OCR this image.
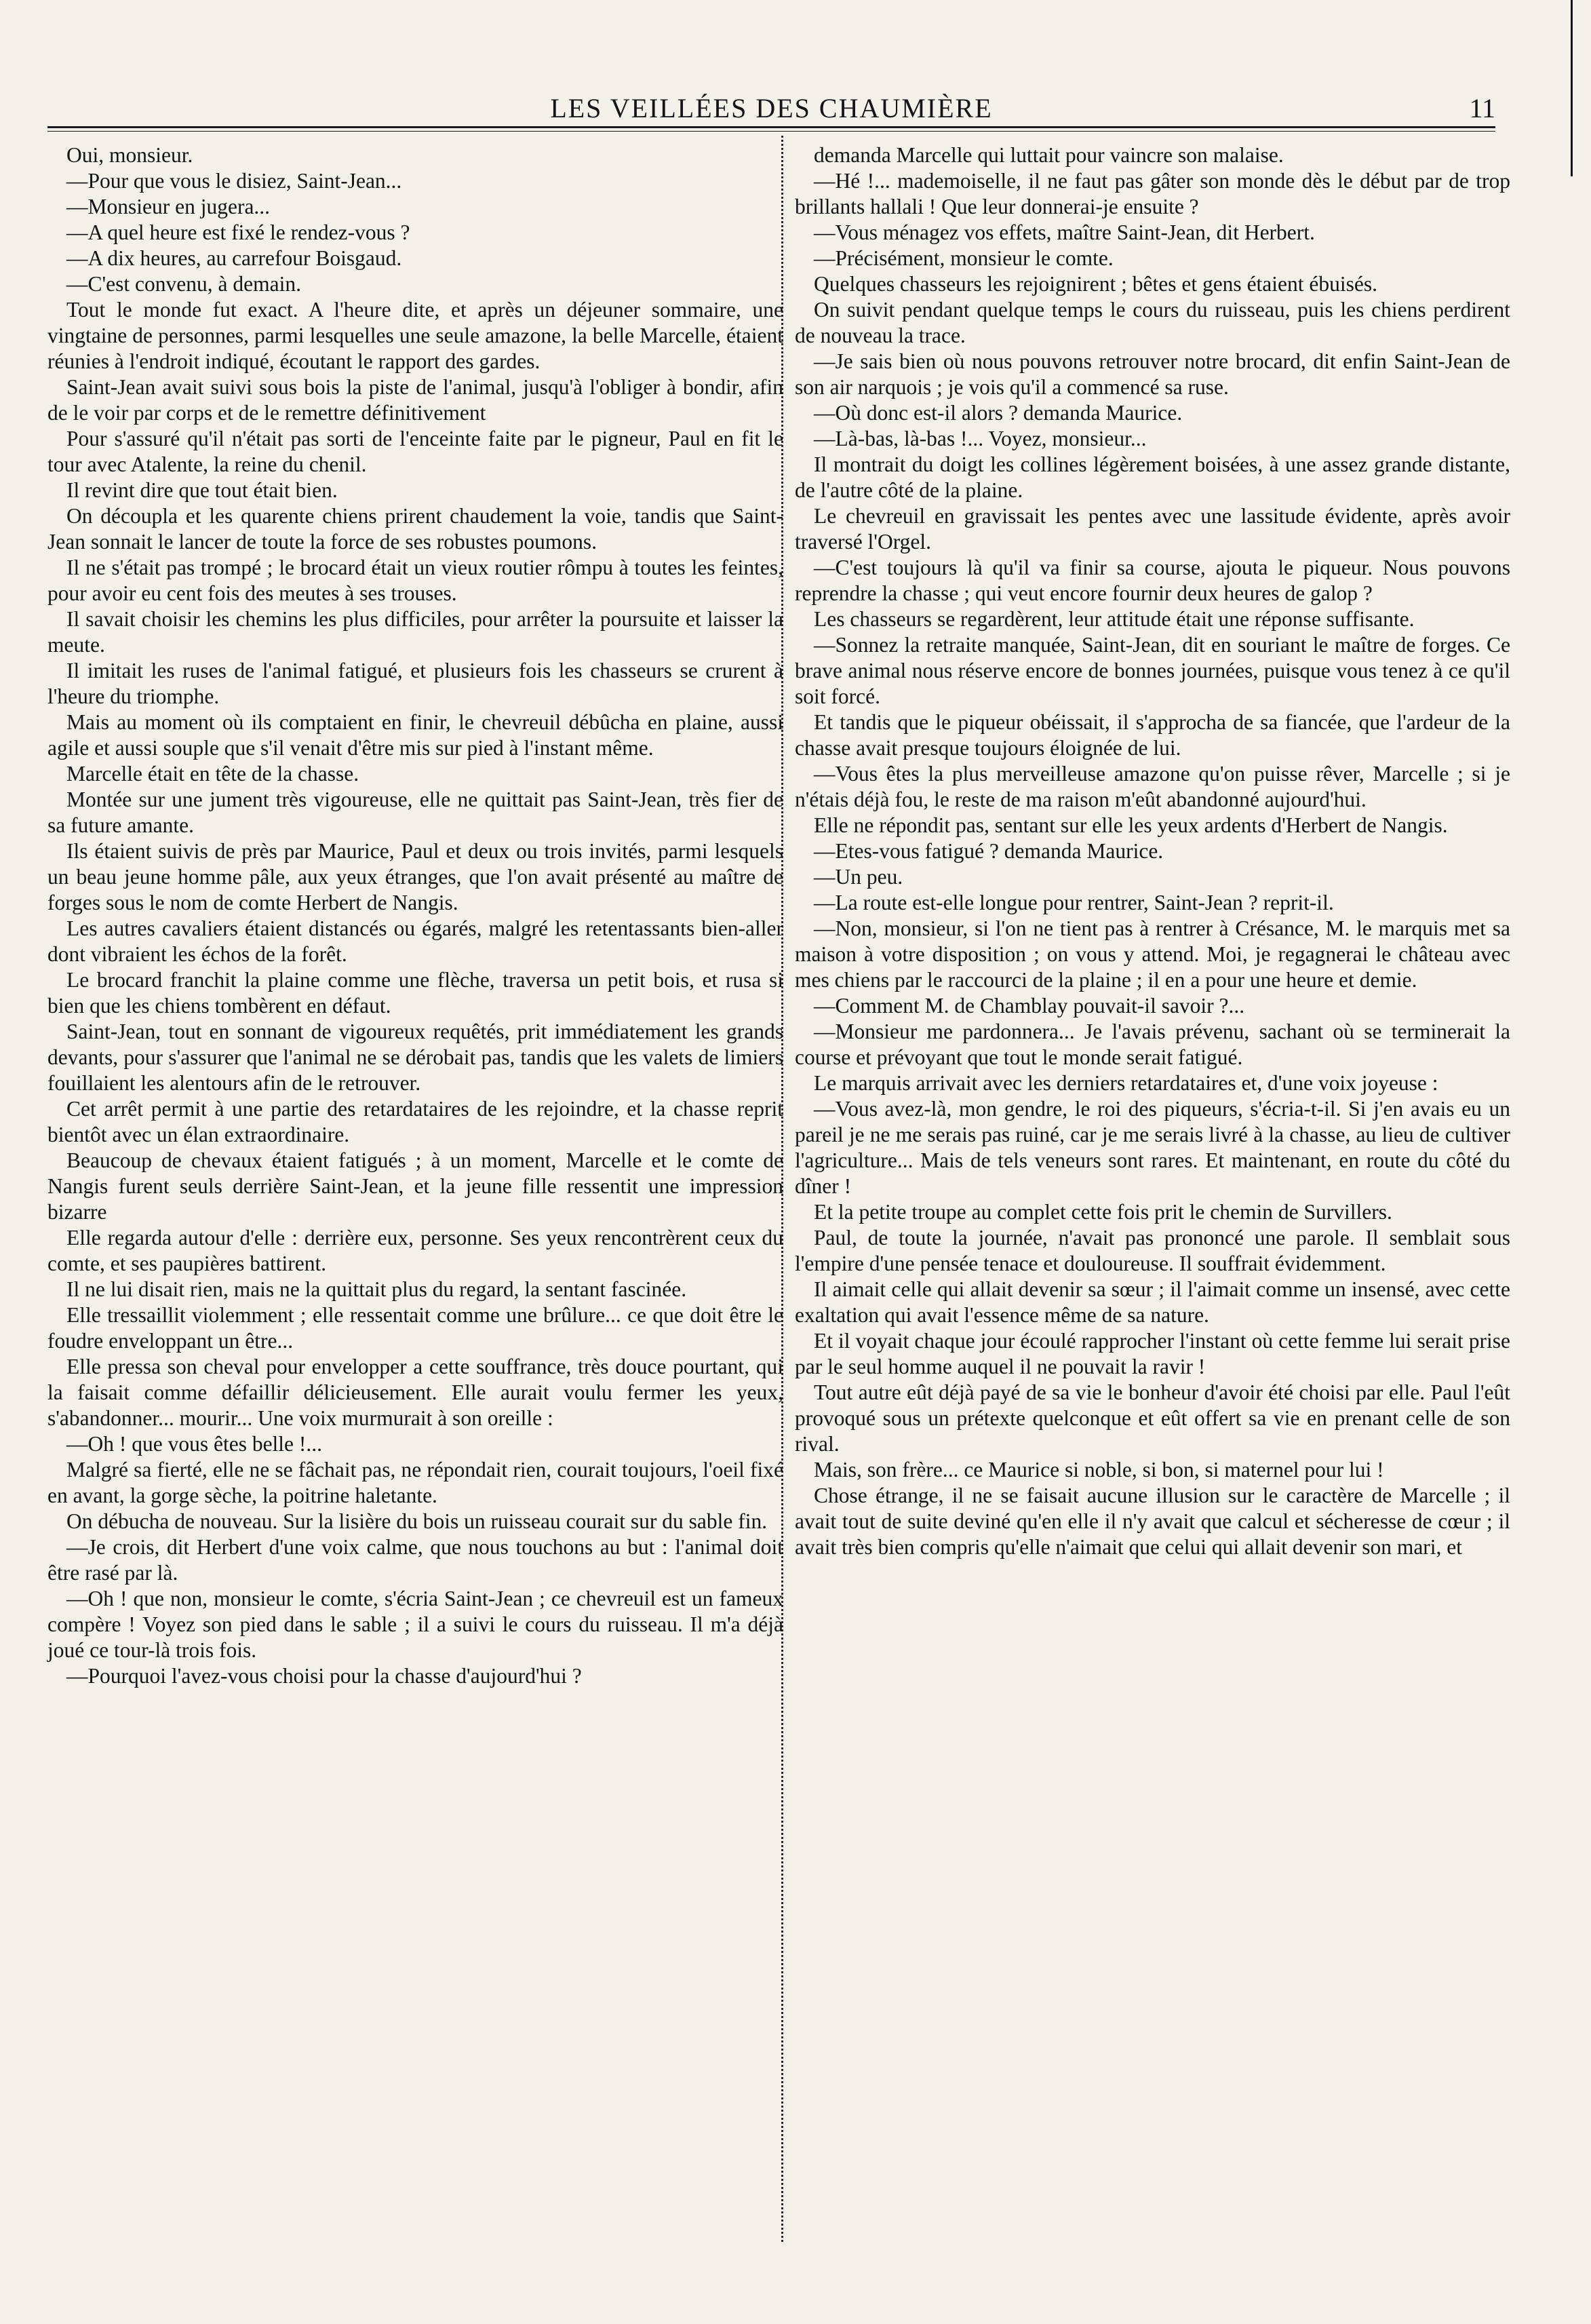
LES VEILLÉES DES CHAUMIÈRE	11

Oui, monsieur.

—Pour que vous le disiez, Saint-Jean...

—Monsieur en jugera...

—A quel heure est fixé le rendez-vous ?

—A dix heures, au carrefour Boisgaud.

—C'est convenu, à demain.

Tout le monde fut exact. A l'heure dite, et après un déjeuner sommaire, une vingtaine de personnes, parmi lesquelles une seule amazone, la belle Marcelle, étaient réunies à l'endroit indiqué, écoutant le rapport des gardes.

Saint-Jean avait suivi sous bois la piste de l'animal, jusqu'à l'obliger à bondir, afin de le voir par corps et de le remettre définitivement

Pour s'assuré qu'il n'était pas sorti de l'enceinte faite par le pigneur, Paul en fit le tour avec Atalente, la reine du chenil.

Il revint dire que tout était bien.

On découpla et les quarente chiens prirent chaudement la voie, tandis que Saint-Jean sonnait le lancer de toute la force de ses robustes poumons.

Il ne s'était pas trompé ; le brocard était un vieux routier rômpu à toutes les feintes, pour avoir eu cent fois des meutes à ses trouses.

Il savait choisir les chemins les plus difficiles, pour arrêter la poursuite et laisser la meute.

Il imitait les ruses de l'animal fatigué, et plusieurs fois les chasseurs se crurent à l'heure du triomphe.

Mais au moment où ils comptaient en finir, le chevreuil débûcha en plaine, aussi agile et aussi souple que s'il venait d'être mis sur pied à l'instant même.

Marcelle était en tête de la chasse.

Montée sur une jument très vigoureuse, elle ne quittait pas Saint-Jean, très fier de sa future amante.

Ils étaient suivis de près par Maurice, Paul et deux ou trois invités, parmi lesquels un beau jeune homme pâle, aux yeux étranges, que l'on avait présenté au maître de forges sous le nom de comte Herbert de Nangis.

Les autres cavaliers étaient distancés ou égarés, malgré les retentassants bien-aller dont vibraient les échos de la forêt.

Le brocard franchit la plaine comme une flèche, traversa un petit bois, et rusa si bien que les chiens tombèrent en défaut.

Saint-Jean, tout en sonnant de vigoureux requêtés, prit immédiatement les grands devants, pour s'assurer que l'animal ne se dérobait pas, tandis que les valets de limiers fouillaient les alentours afin de le retrouver.

Cet arrêt permit à une partie des retardataires de les rejoindre, et la chasse reprit bientôt avec un élan extraordinaire.

Beaucoup de chevaux étaient fatigués ; à un moment, Marcelle et le comte de Nangis furent seuls derrière Saint-Jean, et la jeune fille ressentit une impression bizarre

Elle regarda autour d'elle : derrière eux, personne. Ses yeux rencontrèrent ceux du comte, et ses paupières battirent.

Il ne lui disait rien, mais ne la quittait plus du regard, la sentant fascinée.

Elle tressaillit violemment ; elle ressentait comme une brûlure... ce que doit être le foudre enveloppant un être...

Elle pressa son cheval pour envelopper a cette souffrance, très douce pourtant, qui la faisait comme défaillir délicieusement. Elle aurait voulu fermer les yeux, s'abandonner... mourir... Une voix murmurait à son oreille :

—Oh ! que vous êtes belle !...

Malgré sa fierté, elle ne se fâchait pas, ne répondait rien, courait toujours, l'oeil fixé en avant, la gorge sèche, la poitrine haletante.

On débucha de nouveau. Sur la lisière du bois un ruisseau courait sur du sable fin.

—Je crois, dit Herbert d'une voix calme, que nous touchons au but : l'animal doit être rasé par là.

—Oh ! que non, monsieur le comte, s'écria Saint-Jean ; ce chevreuil est un fameux compère ! Voyez son pied dans le sable ; il a suivi le cours du ruisseau. Il m'a déjà joué ce tour-là trois fois.

—Pourquoi l'avez-vous choisi pour la chasse d'aujourd'hui ?

demanda Marcelle qui luttait pour vaincre son malaise.

—Hé !... mademoiselle, il ne faut pas gâter son monde dès le début par de trop brillants hallali ! Que leur donnerai-je ensuite ?

—Vous ménagez vos effets, maître Saint-Jean, dit Herbert.

—Précisément, monsieur le comte.

Quelques chasseurs les rejoignirent ; bêtes et gens étaient ébuisés.

On suivit pendant quelque temps le cours du ruisseau, puis les chiens perdirent de nouveau la trace.

—Je sais bien où nous pouvons retrouver notre brocard, dit enfin Saint-Jean de son air narquois ; je vois qu'il a commencé sa ruse.

—Où donc est-il alors ? demanda Maurice.

—Là-bas, là-bas !... Voyez, monsieur...

Il montrait du doigt les collines légèrement boisées, à une assez grande distante, de l'autre côté de la plaine.

Le chevreuil en gravissait les pentes avec une lassitude évidente, après avoir traversé l'Orgel.

—C'est toujours là qu'il va finir sa course, ajouta le piqueur. Nous pouvons reprendre la chasse ; qui veut encore fournir deux heures de galop ?

Les chasseurs se regardèrent, leur attitude était une réponse suffisante.

—Sonnez la retraite manquée, Saint-Jean, dit en souriant le maître de forges. Ce brave animal nous réserve encore de bonnes journées, puisque vous tenez à ce qu'il soit forcé.

Et tandis que le piqueur obéissait, il s'approcha de sa fiancée, que l'ardeur de la chasse avait presque toujours éloignée de lui.

—Vous êtes la plus merveilleuse amazone qu'on puisse rêver, Marcelle ; si je n'étais déjà fou, le reste de ma raison m'eût abandonné aujourd'hui.

Elle ne répondit pas, sentant sur elle les yeux ardents d'Herbert de Nangis.

—Etes-vous fatigué ? demanda Maurice.

—Un peu.

—La route est-elle longue pour rentrer, Saint-Jean ? reprit-il.

—Non, monsieur, si l'on ne tient pas à rentrer à Crésance, M. le marquis met sa maison à votre disposition ; on vous y attend. Moi, je regagnerai le château avec mes chiens par le raccourci de la plaine ; il en a pour une heure et demie.

—Comment M. de Chamblay pouvait-il savoir ?...

—Monsieur me pardonnera... Je l'avais prévenu, sachant où se terminerait la course et prévoyant que tout le monde serait fatigué.

Le marquis arrivait avec les derniers retardataires et, d'une voix joyeuse :

—Vous avez-là, mon gendre, le roi des piqueurs, s'écria-t-il. Si j'en avais eu un pareil je ne me serais pas ruiné, car je me serais livré à la chasse, au lieu de cultiver l'agriculture... Mais de tels veneurs sont rares. Et maintenant, en route du côté du dîner !

Et la petite troupe au complet cette fois prit le chemin de Survillers.

Paul, de toute la journée, n'avait pas prononcé une parole. Il semblait sous l'empire d'une pensée tenace et douloureuse. Il souffrait évidemment.

Il aimait celle qui allait devenir sa sœur ; il l'aimait comme un insensé, avec cette exaltation qui avait l'essence même de sa nature.

Et il voyait chaque jour écoulé rapprocher l'instant où cette femme lui serait prise par le seul homme auquel il ne pouvait la ravir !

Tout autre eût déjà payé de sa vie le bonheur d'avoir été choisi par elle. Paul l'eût provoqué sous un prétexte quelconque et eût offert sa vie en prenant celle de son rival.

Mais, son frère... ce Maurice si noble, si bon, si maternel pour lui !

Chose étrange, il ne se faisait aucune illusion sur le caractère de Marcelle ; il avait tout de suite deviné qu'en elle il n'y avait que calcul et sécheresse de cœur ; il avait très bien compris qu'elle n'aimait que celui qui allait devenir son mari, et
